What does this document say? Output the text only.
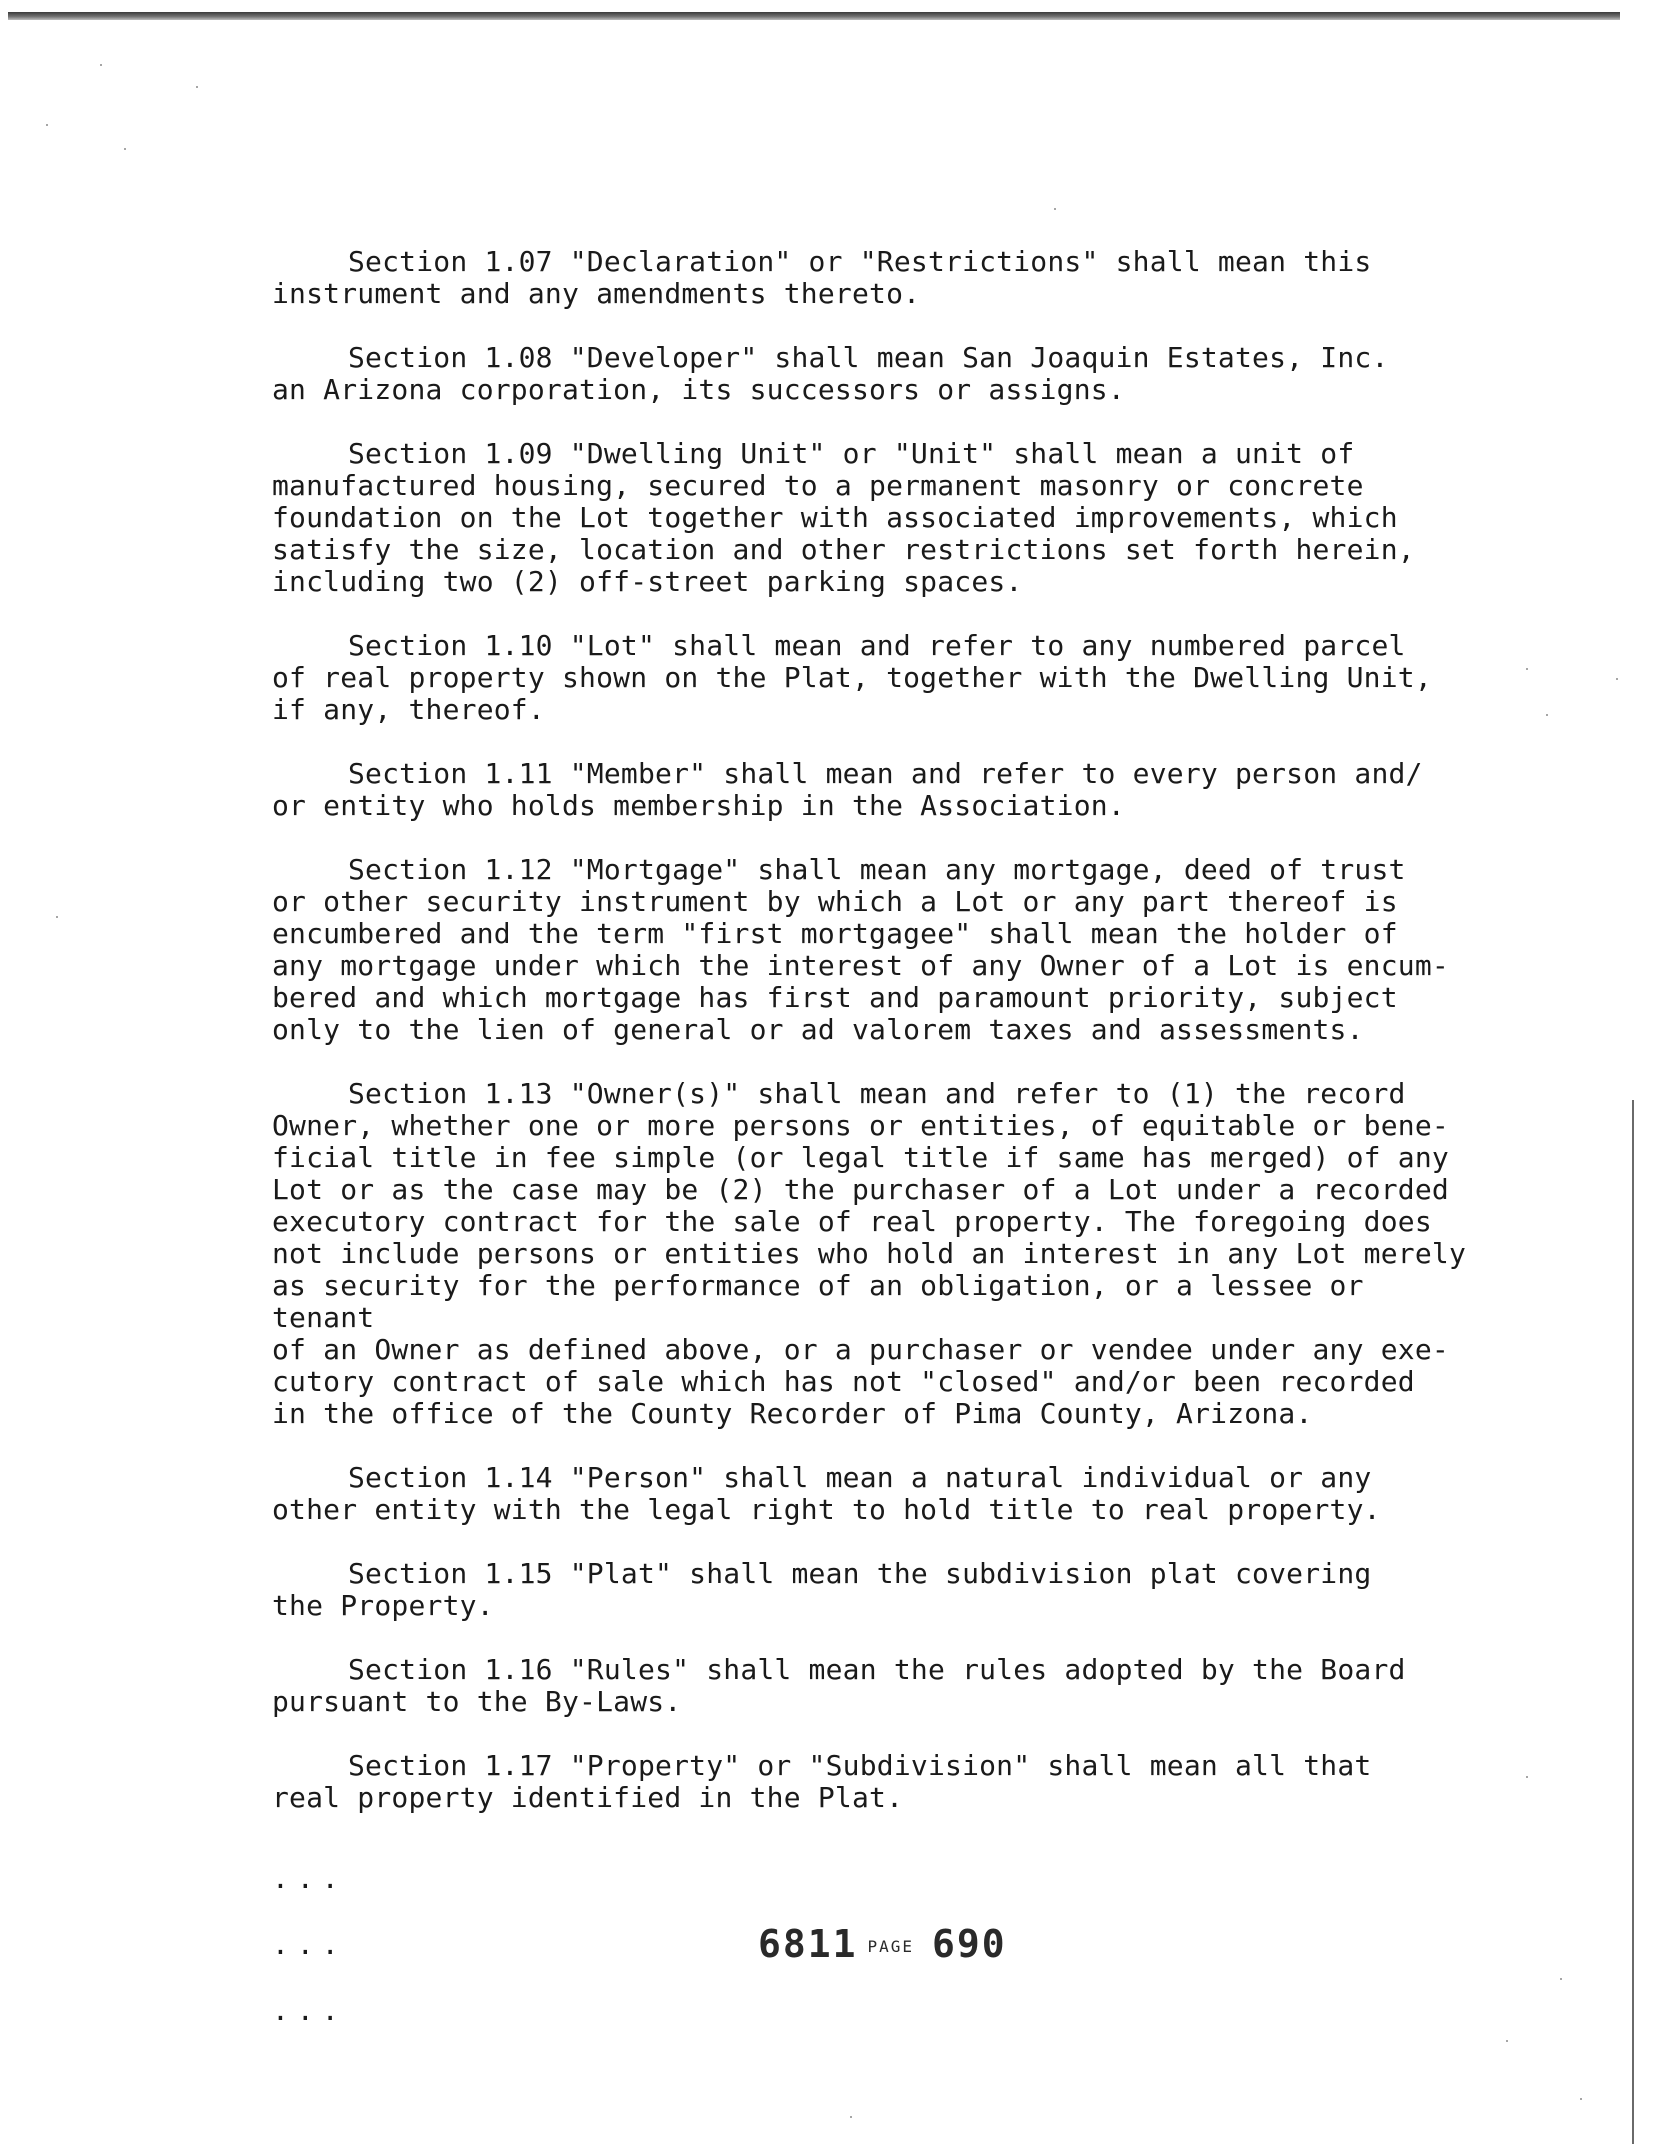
Section 1.07 "Declaration" or "Restrictions" shall mean this
instrument and any amendments thereto.

Section 1.08 "Developer" shall mean San Joaquin Estates, Inc.
an Arizona corporation, its successors or assigns.

Section 1.09 "Dwelling Unit" or "Unit" shall mean a unit of
manufactured housing, secured to a permanent masonry or concrete
foundation on the Lot together with associated improvements, which
satisfy the size, location and other restrictions set forth herein,
including two (2) off-street parking spaces.

Section 1.10 "Lot" shall mean and refer to any numbered parcel
of real property shown on the Plat, together with the Dwelling Unit,
if any, thereof.

Section 1.11 "Member" shall mean and refer to every person and/
or entity who holds membership in the Association.

Section 1.12 "Mortgage" shall mean any mortgage, deed of trust
or other security instrument by which a Lot or any part thereof is
encumbered and the term "first mortgagee" shall mean the holder of
any mortgage under which the interest of any Owner of a Lot is encum-
bered and which mortgage has first and paramount priority, subject
only to the lien of general or ad valorem taxes and assessments.

Section 1.13 "Owner(s)" shall mean and refer to (1) the record
Owner, whether one or more persons or entities, of equitable or bene-
ficial title in fee simple (or legal title if same has merged) of any
Lot or as the case may be (2) the purchaser of a Lot under a recorded
executory contract for the sale of real property. The foregoing does
not include persons or entities who hold an interest in any Lot merely
as security for the performance of an obligation, or a lessee or tenant
of an Owner as defined above, or a purchaser or vendee under any exe-
cutory contract of sale which has not "closed" and/or been recorded
in the office of the County Recorder of Pima County, Arizona.

Section 1.14 "Person" shall mean a natural individual or any
other entity with the legal right to hold title to real property.

Section 1.15 "Plat" shall mean the subdivision plat covering
the Property.

Section 1.16 "Rules" shall mean the rules adopted by the Board
pursuant to the By-Laws.

Section 1.17 "Property" or "Subdivision" shall mean all that
real property identified in the Plat.

...
...
...
6811 PAGE 690
